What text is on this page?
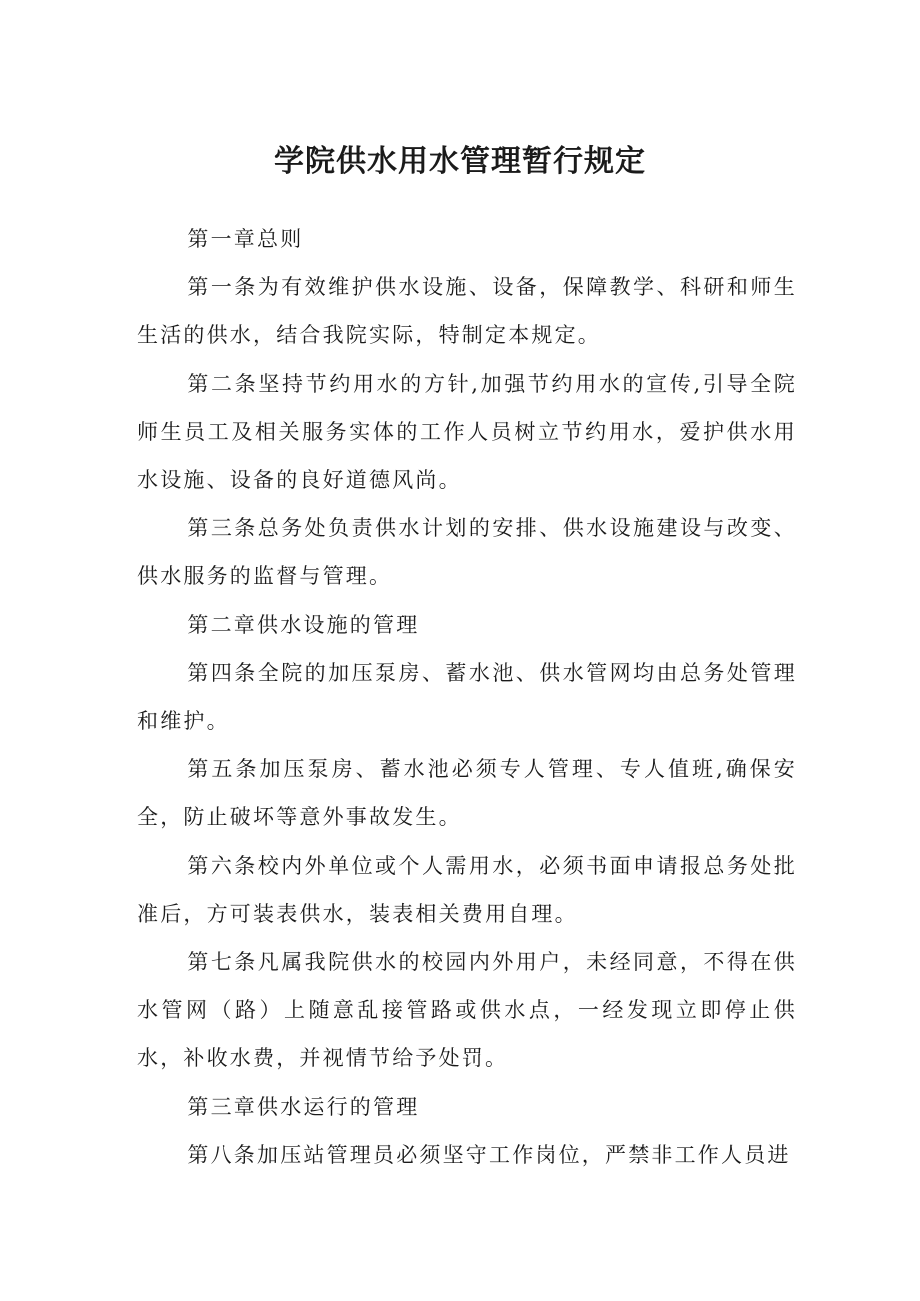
学院供水用水管理暂行规定

第一章总则

第一条为有效维护供水设施、设备，保障教学、科研和师生生活的供水，结合我院实际，特制定本规定。

第二条坚持节约用水的方针,加强节约用水的宣传,引导全院师生员工及相关服务实体的工作人员树立节约用水，爱护供水用水设施、设备的良好道德风尚。

第三条总务处负责供水计划的安排、供水设施建设与改变、供水服务的监督与管理。

第二章供水设施的管理

第四条全院的加压泵房、蓄水池、供水管网均由总务处管理和维护。

第五条加压泵房、蓄水池必须专人管理、专人值班,确保安全，防止破坏等意外事故发生。

第六条校内外单位或个人需用水，必须书面申请报总务处批准后，方可装表供水，装表相关费用自理。

第七条凡属我院供水的校园内外用户，未经同意，不得在供水管网（路）上随意乱接管路或供水点，一经发现立即停止供水，补收水费，并视情节给予处罚。

第三章供水运行的管理

第八条加压站管理员必须坚守工作岗位，严禁非工作人员进
